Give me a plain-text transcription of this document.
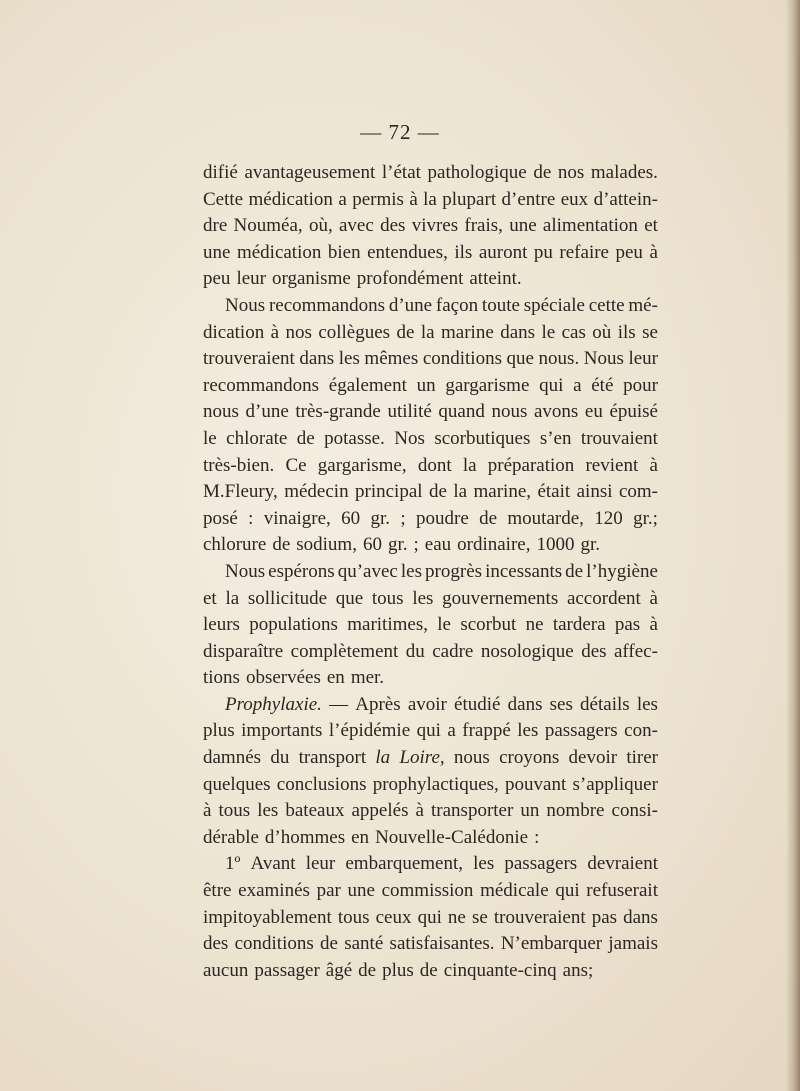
— 72 —
difié avantageusement l’état pathologique de nos malades.
Cette médication a permis à la plupart d’entre eux d’attein-
dre Nouméa, où, avec des vivres frais, une alimentation et
une médication bien entendues, ils auront pu refaire peu à
peu leur organisme profondément atteint.
Nous recommandons d’une façon toute spéciale cette mé-
dication à nos collègues de la marine dans le cas où ils se
trouveraient dans les mêmes conditions que nous. Nous leur
recommandons également un gargarisme qui a été pour
nous d’une très-grande utilité quand nous avons eu épuisé
le chlorate de potasse. Nos scorbutiques s’en trouvaient
très-bien. Ce gargarisme, dont la préparation revient à
M.Fleury, médecin principal de la marine, était ainsi com-
posé : vinaigre, 60 gr. ; poudre de moutarde, 120 gr.;
chlorure de sodium, 60 gr. ; eau ordinaire, 1000 gr.
Nous espérons qu’avec les progrès incessants de l’hygiène
et la sollicitude que tous les gouvernements accordent à
leurs populations maritimes, le scorbut ne tardera pas à
disparaître complètement du cadre nosologique des affec-
tions observées en mer.
Prophylaxie. — Après avoir étudié dans ses détails les
plus importants l’épidémie qui a frappé les passagers con-
damnés du transport la Loire, nous croyons devoir tirer
quelques conclusions prophylactiques, pouvant s’appliquer
à tous les bateaux appelés à transporter un nombre consi-
dérable d’hommes en Nouvelle-Calédonie :
1º Avant leur embarquement, les passagers devraient
être examinés par une commission médicale qui refuserait
impitoyablement tous ceux qui ne se trouveraient pas dans
des conditions de santé satisfaisantes. N’embarquer jamais
aucun passager âgé de plus de cinquante-cinq ans;
